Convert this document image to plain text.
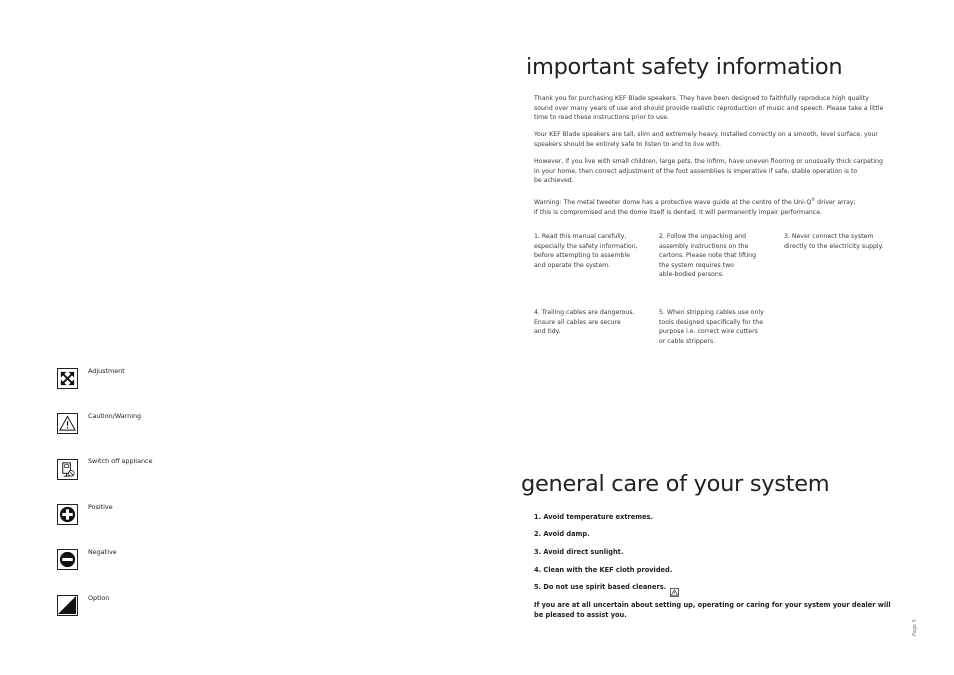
important safety information
Thank you for purchasing KEF Blade speakers. They have been designed to faithfully reproduce high quality
sound over many years of use and should provide realistic reproduction of music and speech. Please take a little
time to read these instructions prior to use.
Your KEF Blade speakers are tall, slim and extremely heavy. Installed correctly on a smooth, level surface, your
speakers should be entirely safe to listen to and to live with.
However, if you live with small children, large pets, the infirm, have uneven flooring or unusually thick carpeting
in your home, then correct adjustment of the foot assemblies is imperative if safe, stable operation is to
be achieved.
Warning: The metal tweeter dome has a protective wave guide at the centre of the Uni-Q® driver array;
if this is compromised and the dome itself is dented, it will permanently impair performance.
1. Read this manual carefully,
especially the safety information,
before attempting to assemble
and operate the system.
2. Follow the unpacking and
assembly instructions on the
cartons. Please note that lifting
the system requires two
able-bodied persons.
3. Never connect the system
directly to the electricity supply.
4. Trailing cables are dangerous.
Ensure all cables are secure
and tidy.
5. When stripping cables use only
tools designed specifically for the
purpose i.e. correct wire cutters
or cable strippers.
Adjustment
Caution/Warning
Switch off appliance
Positive
Negative
Option
general care of your system
1. Avoid temperature extremes.
2. Avoid damp.
3. Avoid direct sunlight.
4. Clean with the KEF cloth provided.
5. Do not use spirit based cleaners.
If you are at all uncertain about setting up, operating or caring for your system your dealer will
be pleased to assist you.
Page 5
